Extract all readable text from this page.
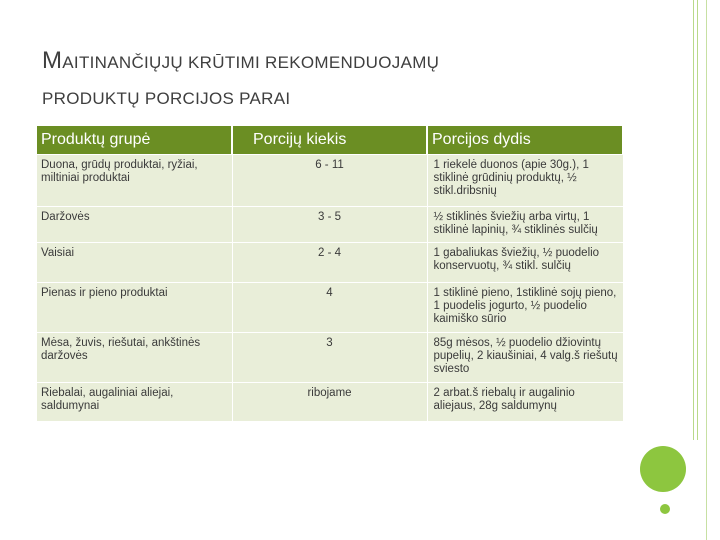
MAITINANČIŲJŲ KRŪTIMI REKOMENDUOJAMŲ
PRODUKTŲ PORCIJOS PARAI
Produktų grupė	Porcijų kiekis	Porcijos dydis
Duona, grūdų produktai, ryžiai, miltiniai produktai	6 - 11	1 riekelė duonos (apie 30g.), 1 stiklinė grūdinių produktų, ½ stikl.dribsnių
Daržovės	3 - 5	½ stiklinės šviežių arba virtų, 1 stiklinė lapinių, ¾ stiklinės sulčių
Vaisiai	2 - 4	1 gabaliukas šviežių, ½ puodelio konservuotų, ¾ stikl. sulčių
Pienas ir pieno produktai	4	1 stiklinė pieno, 1stiklinė sojų pieno, 1 puodelis jogurto, ½ puodelio kaimiško sūrio
Mėsa, žuvis, riešutai, ankštinės daržovės	3	85g mėsos, ½ puodelio džiovintų pupelių, 2 kiaušiniai, 4 valg.š riešutų sviesto
Riebalai, augaliniai aliejai, saldumynai	ribojame	2 arbat.š riebalų ir augalinio aliejaus, 28g saldumynų
